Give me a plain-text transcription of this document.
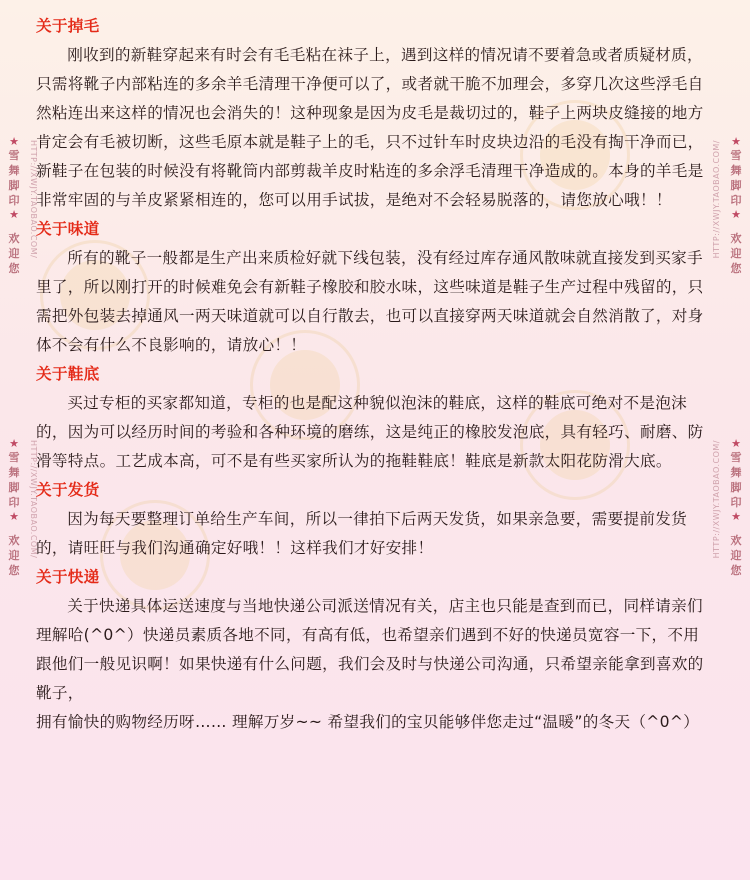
★
雪
舞
脚
印
★
欢
迎
您
★
雪
舞
脚
印
★
欢
迎
您
HTTP://XWJY.TAOBAO.COM/
HTTP://XWJY.TAOBAO.COM/
★
雪
舞
脚
印
★
欢
迎
您
★
雪
舞
脚
印
★
欢
迎
您
HTTP://XWJY.TAOBAO.COM/
HTTP://XWJY.TAOBAO.COM/
关于掉毛

刚收到的新鞋穿起来有时会有毛毛粘在袜子上，遇到这样的情况请不要着急或者质疑材质，只需将靴子内部粘连的多余羊毛清理干净便可以了，或者就干脆不加理会，多穿几次这些浮毛自然粘连出来这样的情况也会消失的！这种现象是因为皮毛是裁切过的，鞋子上两块皮缝接的地方肯定会有毛被切断，这些毛原本就是鞋子上的毛，只不过针车时皮块边沿的毛没有掏干净而已，新鞋子在包装的时候没有将靴筒内部剪裁羊皮时粘连的多余浮毛清理干净造成的。本身的羊毛是非常牢固的与羊皮紧紧相连的，您可以用手试拔，是绝对不会轻易脱落的，请您放心哦！！

关于味道

所有的靴子一般都是生产出来质检好就下线包装，没有经过库存通风散味就直接发到买家手里了，所以刚打开的时候难免会有新鞋子橡胶和胶水味，这些味道是鞋子生产过程中残留的，只需把外包装去掉通风一两天味道就可以自行散去，也可以直接穿两天味道就会自然消散了，对身体不会有什么不良影响的，请放心！！

关于鞋底

买过专柜的买家都知道，专柜的也是配这种貌似泡沫的鞋底，这样的鞋底可绝对不是泡沫的，因为可以经历时间的考验和各种环境的磨练，这是纯正的橡胶发泡底，具有轻巧、耐磨、防滑等特点。工艺成本高，可不是有些买家所认为的拖鞋鞋底！鞋底是新款太阳花防滑大底。

关于发货

因为每天要整理订单给生产车间，所以一律拍下后两天发货，如果亲急要，需要提前发货的，请旺旺与我们沟通确定好哦！！这样我们才好安排！

关于快递

关于快递具体运送速度与当地快递公司派送情况有关，店主也只能是查到而已，同样请亲们理解哈(^0^）快递员素质各地不同，有高有低，也希望亲们遇到不好的快递员宽容一下，不用跟他们一般见识啊！如果快递有什么问题，我们会及时与快递公司沟通，只希望亲能拿到喜欢的靴子，

拥有愉快的购物经历呀…… 理解万岁~~ 希望我们的宝贝能够伴您走过“温暖”的冬天（^0^）
